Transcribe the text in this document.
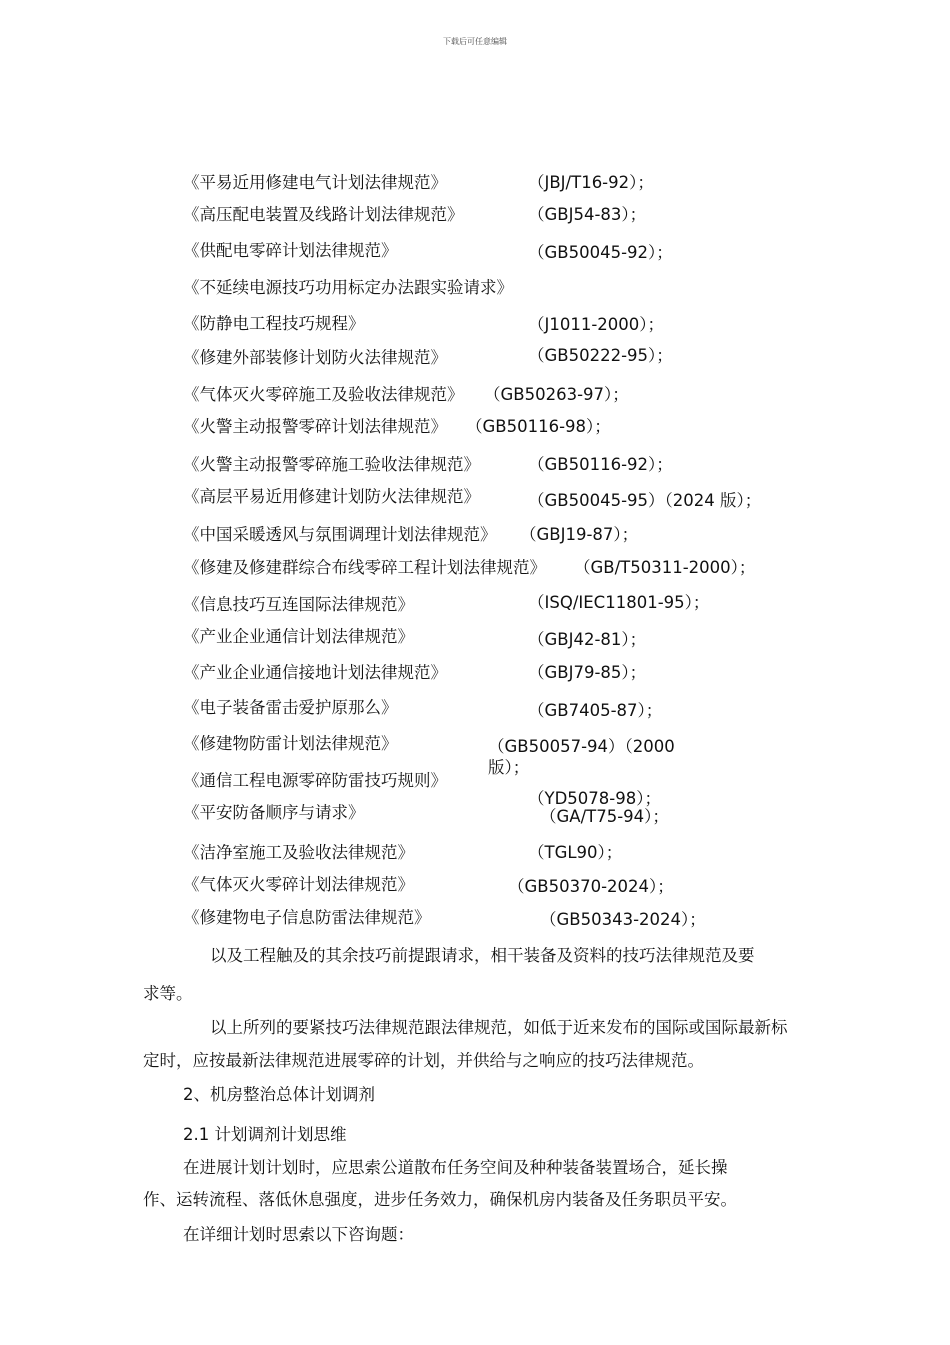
下载后可任意编辑
《平易近用修建电气计划法律规范》	（JBJ/T16-92）；
《高压配电装置及线路计划法律规范》	（GBJ54-83）；
《供配电零碎计划法律规范》	（GB50045-92）；
《不延续电源技巧功用标定办法跟实验请求》
《防静电工程技巧规程》	（J1011-2000）；
《修建外部装修计划防火法律规范》	（GB50222-95）；
《气体灭火零碎施工及验收法律规范》 （GB50263-97）；
《火警主动报警零碎计划法律规范》 （GB50116-98）；
《火警主动报警零碎施工验收法律规范》	（GB50116-92）；
《高层平易近用修建计划防火法律规范》	（GB50045-95）（2024 版）；
《中国采暖透风与氛围调理计划法律规范》 （GBJ19-87）；
《修建及修建群综合布线零碎工程计划法律规范》 （GB/T50311-2000）；
《信息技巧互连国际法律规范》	（ISQ/IEC11801-95）；
《产业企业通信计划法律规范》	（GBJ42-81）；
《产业企业通信接地计划法律规范》	（GBJ79-85）；
《电子装备雷击爱护原那么》	（GB7405-87）；
《修建物防雷计划法律规范》	（GB50057-94）（2000
版）；
《通信工程电源零碎防雷技巧规则》
（YD5078-98）；
《平安防备顺序与请求》	（GA/T75-94）；
《洁净室施工及验收法律规范》	（TGL90）；
《气体灭火零碎计划法律规范》	（GB50370-2024）；
《修建物电子信息防雷法律规范》	（GB50343-2024）；
以及工程触及的其余技巧前提跟请求，相干装备及资料的技巧法律规范及要
求等。
以上所列的要紧技巧法律规范跟法律规范，如低于近来发布的国际或国际最新标
定时，应按最新法律规范进展零碎的计划，并供给与之响应的技巧法律规范。
2、机房整治总体计划调剂
2.1 计划调剂计划思维
在进展计划计划时，应思索公道散布任务空间及种种装备装置场合，延长操
作、运转流程、落低休息强度，进步任务效力，确保机房内装备及任务职员平安。
在详细计划时思索以下咨询题：
